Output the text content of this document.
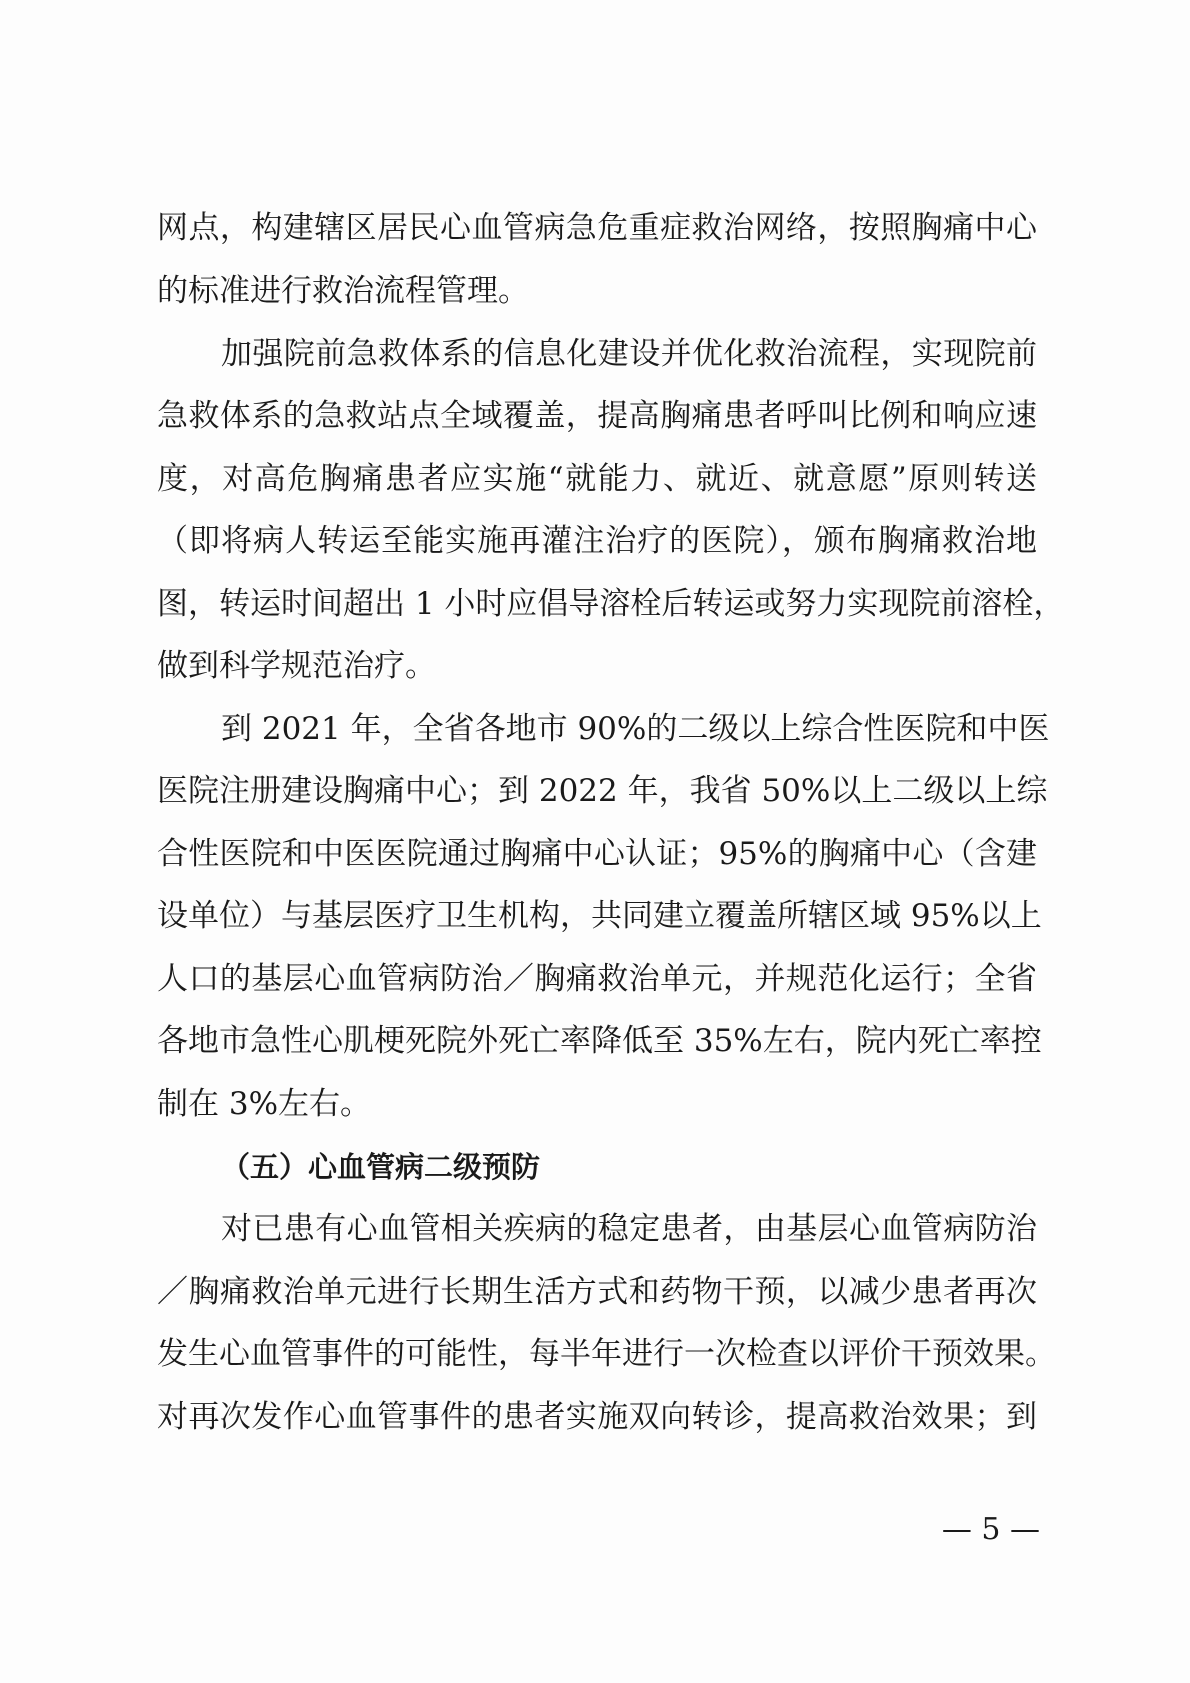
网点，构建辖区居民心血管病急危重症救治网络，按照胸痛中心
的标准进行救治流程管理。
加强院前急救体系的信息化建设并优化救治流程，实现院前
急救体系的急救站点全域覆盖，提高胸痛患者呼叫比例和响应速
度，对高危胸痛患者应实施“就能力、就近、就意愿”原则转送
（即将病人转运至能实施再灌注治疗的医院），颁布胸痛救治地
图，转运时间超出 1 小时应倡导溶栓后转运或努力实现院前溶栓，
做到科学规范治疗。
到 2021 年，全省各地市 90%的二级以上综合性医院和中医
医院注册建设胸痛中心；到 2022 年，我省 50%以上二级以上综
合性医院和中医医院通过胸痛中心认证；95%的胸痛中心（含建
设单位）与基层医疗卫生机构，共同建立覆盖所辖区域 95%以上
人口的基层心血管病防治／胸痛救治单元，并规范化运行；全省
各地市急性心肌梗死院外死亡率降低至 35%左右，院内死亡率控
制在 3%左右。
（五）心血管病二级预防
对已患有心血管相关疾病的稳定患者，由基层心血管病防治
／胸痛救治单元进行长期生活方式和药物干预，以减少患者再次
发生心血管事件的可能性，每半年进行一次检查以评价干预效果。
对再次发作心血管事件的患者实施双向转诊，提高救治效果；到
— 5 —
